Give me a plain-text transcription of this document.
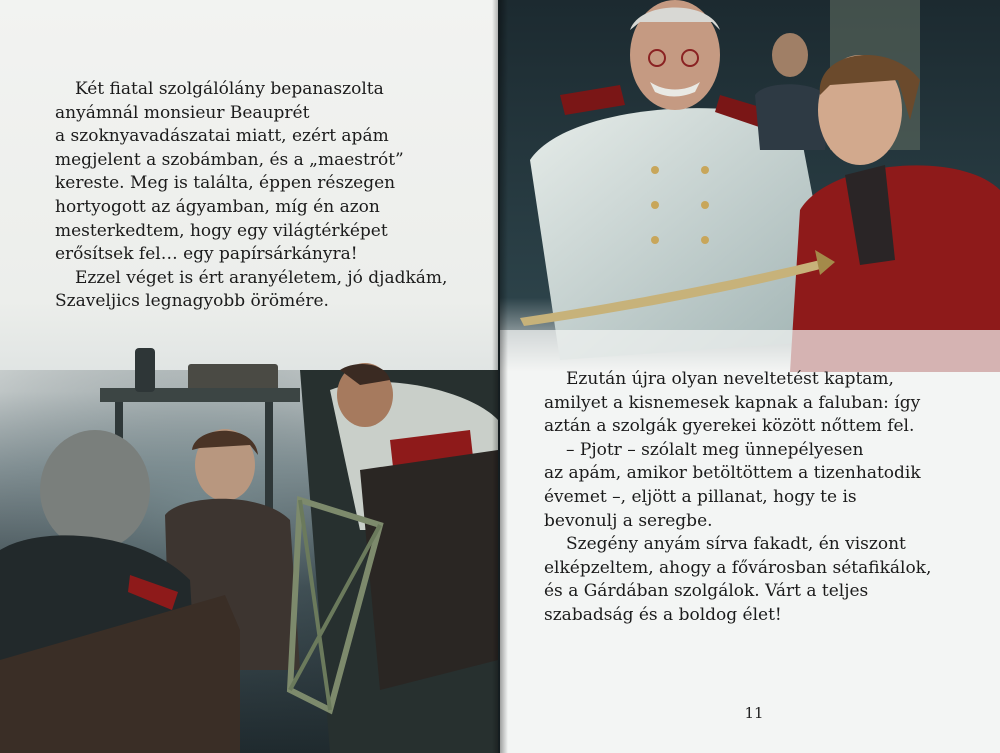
Két fiatal szolgálólány bepanaszolta
anyámnál monsieur Beauprét
a szoknyavadászatai miatt, ezért apám
megjelent a szobámban, és a „maestrót”
kereste. Meg is találta, éppen részegen
hortyogott az ágyamban, míg én azon
mesterkedtem, hogy egy világtérképet
erősítsek fel… egy papírsárkányra!

Ezzel véget is ért aranyéletem, jó djadkám,
Szaveljics legnagyobb örömére.

Ezután újra olyan neveltetést kaptam,
amilyet a kisnemesek kapnak a faluban: így
aztán a szolgák gyerekei között nőttem fel.

– Pjotr – szólalt meg ünnepélyesen
az apám, amikor betöltöttem a tizenhatodik
évemet –, eljött a pillanat, hogy te is
bevonulj a seregbe.

Szegény anyám sírva fakadt, én viszont
elképzeltem, ahogy a fővárosban sétafikálok,
és a Gárdában szolgálok. Várt a teljes
szabadság és a boldog élet!

11
